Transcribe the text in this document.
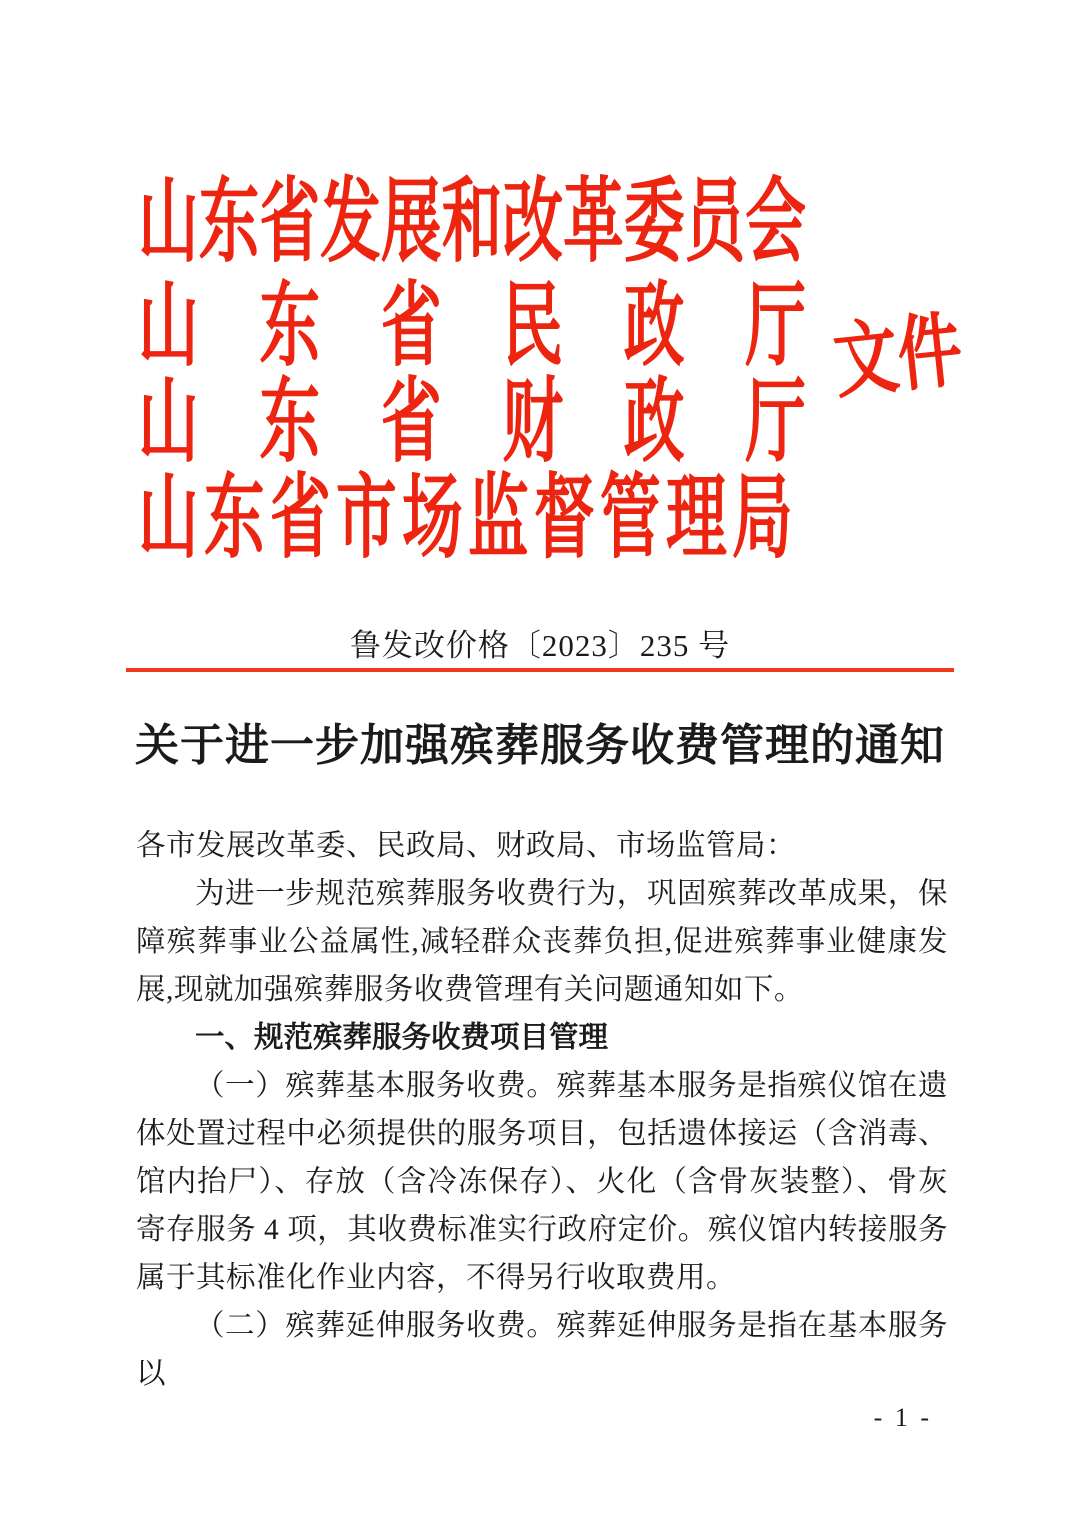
山东省发展和改革委员会
山　东　省　民　政　厅
山　东　省　财　政　厅
山东省市场监督管理局
文件
鲁发改价格〔2023〕235 号
关于进一步加强殡葬服务收费管理的通知

各市发展改革委、民政局、财政局、市场监管局：

为进一步规范殡葬服务收费行为，巩固殡葬改革成果，保障殡葬事业公益属性,减轻群众丧葬负担,促进殡葬事业健康发展,现就加强殡葬服务收费管理有关问题通知如下。

一、规范殡葬服务收费项目管理

（一）殡葬基本服务收费。殡葬基本服务是指殡仪馆在遗体处置过程中必须提供的服务项目，包括遗体接运（含消毒、馆内抬尸）、存放（含冷冻保存）、火化（含骨灰装整）、骨灰寄存服务 4 项，其收费标准实行政府定价。殡仪馆内转接服务属于其标准化作业内容，不得另行收取费用。

（二）殡葬延伸服务收费。殡葬延伸服务是指在基本服务以

- 1 -
